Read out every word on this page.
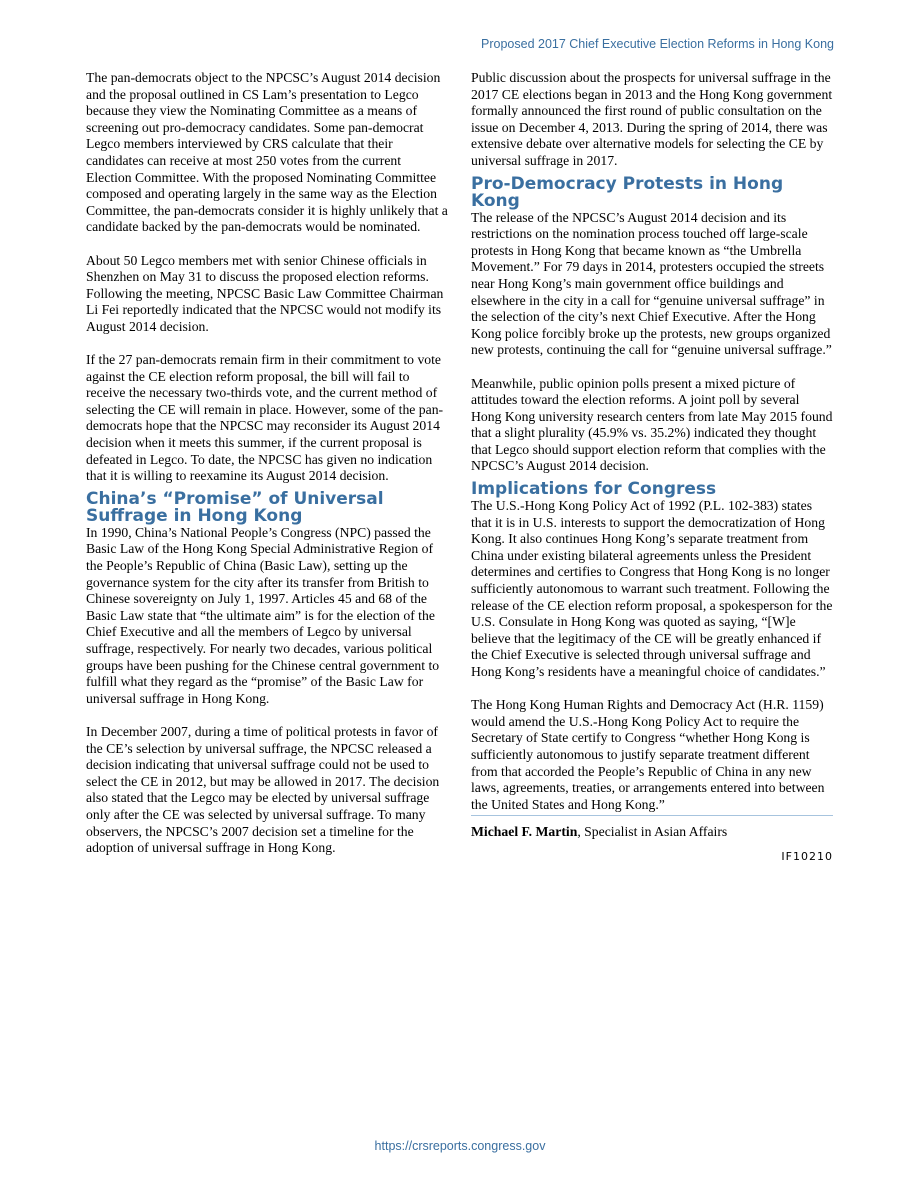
Proposed 2017 Chief Executive Election Reforms in Hong Kong

The pan-democrats object to the NPCSC’s August 2014 decision and the proposal outlined in CS Lam’s presentation to Legco because they view the Nominating Committee as a means of screening out pro-democracy candidates. Some pan-democrat Legco members interviewed by CRS calculate that their candidates can receive at most 250 votes from the current Election Committee. With the proposed Nominating Committee composed and operating largely in the same way as the Election Committee, the pan-democrats consider it is highly unlikely that a candidate backed by the pan-democrats would be nominated.

About 50 Legco members met with senior Chinese officials in Shenzhen on May 31 to discuss the proposed election reforms. Following the meeting, NPCSC Basic Law Committee Chairman Li Fei reportedly indicated that the NPCSC would not modify its August 2014 decision.

If the 27 pan-democrats remain firm in their commitment to vote against the CE election reform proposal, the bill will fail to receive the necessary two-thirds vote, and the current method of selecting the CE will remain in place. However, some of the pan-democrats hope that the NPCSC may reconsider its August 2014 decision when it meets this summer, if the current proposal is defeated in Legco. To date, the NPCSC has given no indication that it is willing to reexamine its August 2014 decision.

China’s “Promise” of Universal Suffrage in Hong Kong

In 1990, China’s National People’s Congress (NPC) passed the Basic Law of the Hong Kong Special Administrative Region of the People’s Republic of China (Basic Law), setting up the governance system for the city after its transfer from British to Chinese sovereignty on July 1, 1997. Articles 45 and 68 of the Basic Law state that “the ultimate aim” is for the election of the Chief Executive and all the members of Legco by universal suffrage, respectively. For nearly two decades, various political groups have been pushing for the Chinese central government to fulfill what they regard as the “promise” of the Basic Law for universal suffrage in Hong Kong.

In December 2007, during a time of political protests in favor of the CE’s selection by universal suffrage, the NPCSC released a decision indicating that universal suffrage could not be used to select the CE in 2012, but may be allowed in 2017. The decision also stated that the Legco may be elected by universal suffrage only after the CE was selected by universal suffrage. To many observers, the NPCSC’s 2007 decision set a timeline for the adoption of universal suffrage in Hong Kong.

Public discussion about the prospects for universal suffrage in the 2017 CE elections began in 2013 and the Hong Kong government formally announced the first round of public consultation on the issue on December 4, 2013. During the spring of 2014, there was extensive debate over alternative models for selecting the CE by universal suffrage in 2017.

Pro-Democracy Protests in Hong Kong

The release of the NPCSC’s August 2014 decision and its restrictions on the nomination process touched off large-scale protests in Hong Kong that became known as “the Umbrella Movement.” For 79 days in 2014, protesters occupied the streets near Hong Kong’s main government office buildings and elsewhere in the city in a call for “genuine universal suffrage” in the selection of the city’s next Chief Executive. After the Hong Kong police forcibly broke up the protests, new groups organized new protests, continuing the call for “genuine universal suffrage.”

Meanwhile, public opinion polls present a mixed picture of attitudes toward the election reforms. A joint poll by several Hong Kong university research centers from late May 2015 found that a slight plurality (45.9% vs. 35.2%) indicated they thought that Legco should support election reform that complies with the NPCSC’s August 2014 decision.

Implications for Congress

The U.S.-Hong Kong Policy Act of 1992 (P.L. 102-383) states that it is in U.S. interests to support the democratization of Hong Kong. It also continues Hong Kong’s separate treatment from China under existing bilateral agreements unless the President determines and certifies to Congress that Hong Kong is no longer sufficiently autonomous to warrant such treatment. Following the release of the CE election reform proposal, a spokesperson for the U.S. Consulate in Hong Kong was quoted as saying, “[W]e believe that the legitimacy of the CE will be greatly enhanced if the Chief Executive is selected through universal suffrage and Hong Kong’s residents have a meaningful choice of candidates.”

The Hong Kong Human Rights and Democracy Act (H.R. 1159) would amend the U.S.-Hong Kong Policy Act to require the Secretary of State certify to Congress “whether Hong Kong is sufficiently autonomous to justify separate treatment different from that accorded the People’s Republic of China in any new laws, agreements, treaties, or arrangements entered into between the United States and Hong Kong.”

Michael F. Martin, Specialist in Asian Affairs

IF10210
https://crsreports.congress.gov
